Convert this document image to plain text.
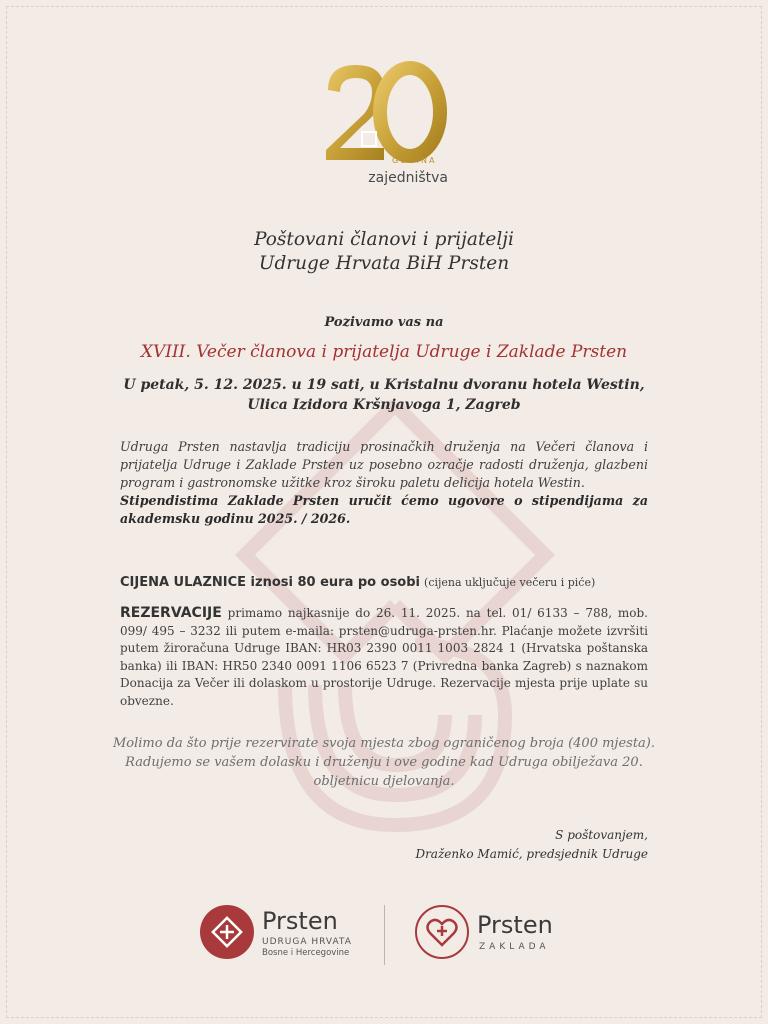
GODINA
zajedništva
Poštovani članovi i prijatelji
Udruge Hrvata BiH Prsten
Pozivamo vas na
XVIII. Večer članova i prijatelja Udruge i Zaklade Prsten
U petak, 5. 12. 2025. u 19 sati, u Kristalnu dvoranu hotela Westin,
Ulica Izidora Kršnjavoga 1, Zagreb
Udruga Prsten nastavlja tradiciju prosinačkih druženja na Večeri članova i prijatelja Udruge i Zaklade Prsten uz posebno ozračje radosti druženja, glazbeni program i gastronomske užitke kroz široku paletu delicija hotela Westin.
Stipendistima Zaklade Prsten uručit ćemo ugovore o stipendijama za akademsku godinu 2025. / 2026.
CIJENA ULAZNICE iznosi 80 eura po osobi (cijena uključuje večeru i piće)
REZERVACIJE primamo najkasnije do 26. 11. 2025. na tel. 01/ 6133 – 788, mob. 099/ 495 – 3232 ili putem e-maila: prsten@udruga-prsten.hr. Plaćanje možete izvršiti putem žiroračuna Udruge IBAN: HR03 2390 0011 1003 2824 1 (Hrvatska poštanska banka) ili IBAN: HR50 2340 0091 1106 6523 7 (Privredna banka Zagreb) s naznakom Donacija za Večer ili dolaskom u prostorije Udruge. Rezervacije mjesta prije uplate su obvezne.
Molimo da što prije rezervirate svoja mjesta zbog ograničenog broja (400 mjesta). Radujemo se vašem dolasku i druženju i ove godine kad Udruga obilježava 20. obljetnicu djelovanja.
S poštovanjem,
Draženko Mamić, predsjednik Udruge
Prsten
UDRUGA HRVATA
Bosne i Hercegovine
Prsten
ZAKLADA
